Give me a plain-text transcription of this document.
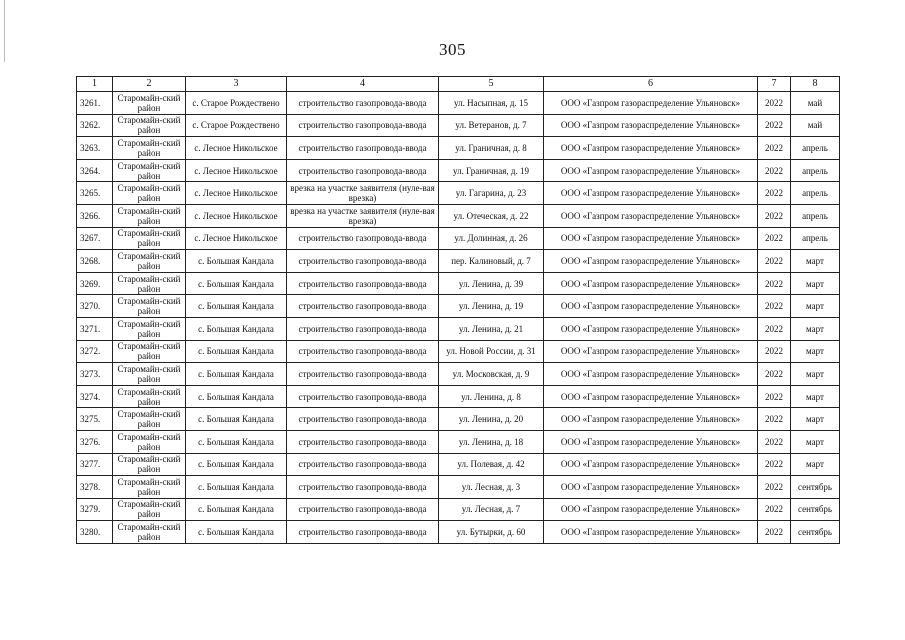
305
1	2	3	4	5	6	7	8

3261.	Старомайн-ский район	с. Старое Рождествено	строительство газопровода-ввода	ул. Насыпная, д. 15	ООО «Газпром газораспределение Ульяновск»	2022	май

3262.	Старомайн-ский район	с. Старое Рождествено	строительство газопровода-ввода	ул. Ветеранов, д. 7	ООО «Газпром газораспределение Ульяновск»	2022	май

3263.	Старомайн-ский район	с. Лесное Никольское	строительство газопровода-ввода	ул. Граничная, д. 8	ООО «Газпром газораспределение Ульяновск»	2022	апрель

3264.	Старомайн-ский район	с. Лесное Никольское	строительство газопровода-ввода	ул. Граничная, д. 19	ООО «Газпром газораспределение Ульяновск»	2022	апрель

3265.	Старомайн-ский район	с. Лесное Никольское	врезка на участке заявителя (нуле-вая врезка)	ул. Гагарина, д. 23	ООО «Газпром газораспределение Ульяновск»	2022	апрель

3266.	Старомайн-ский район	с. Лесное Никольское	врезка на участке заявителя (нуле-вая врезка)	ул. Отеческая, д. 22	ООО «Газпром газораспределение Ульяновск»	2022	апрель

3267.	Старомайн-ский район	с. Лесное Никольское	строительство газопровода-ввода	ул. Долинная, д. 26	ООО «Газпром газораспределение Ульяновск»	2022	апрель

3268.	Старомайн-ский район	с. Большая Кандала	строительство газопровода-ввода	пер. Калиновый, д. 7	ООО «Газпром газораспределение Ульяновск»	2022	март

3269.	Старомайн-ский район	с. Большая Кандала	строительство газопровода-ввода	ул. Ленина, д. 39	ООО «Газпром газораспределение Ульяновск»	2022	март

3270.	Старомайн-ский район	с. Большая Кандала	строительство газопровода-ввода	ул. Ленина, д. 19	ООО «Газпром газораспределение Ульяновск»	2022	март

3271.	Старомайн-ский район	с. Большая Кандала	строительство газопровода-ввода	ул. Ленина, д. 21	ООО «Газпром газораспределение Ульяновск»	2022	март

3272.	Старомайн-ский район	с. Большая Кандала	строительство газопровода-ввода	ул. Новой России, д. 31	ООО «Газпром газораспределение Ульяновск»	2022	март

3273.	Старомайн-ский район	с. Большая Кандала	строительство газопровода-ввода	ул. Московская, д. 9	ООО «Газпром газораспределение Ульяновск»	2022	март

3274.	Старомайн-ский район	с. Большая Кандала	строительство газопровода-ввода	ул. Ленина, д. 8	ООО «Газпром газораспределение Ульяновск»	2022	март

3275.	Старомайн-ский район	с. Большая Кандала	строительство газопровода-ввода	ул. Ленина, д. 20	ООО «Газпром газораспределение Ульяновск»	2022	март

3276.	Старомайн-ский район	с. Большая Кандала	строительство газопровода-ввода	ул. Ленина, д. 18	ООО «Газпром газораспределение Ульяновск»	2022	март

3277.	Старомайн-ский район	с. Большая Кандала	строительство газопровода-ввода	ул. Полевая, д. 42	ООО «Газпром газораспределение Ульяновск»	2022	март

3278.	Старомайн-ский район	с. Большая Кандала	строительство газопровода-ввода	ул. Лесная, д. 3	ООО «Газпром газораспределение Ульяновск»	2022	сентябрь

3279.	Старомайн-ский район	с. Большая Кандала	строительство газопровода-ввода	ул. Лесная, д. 7	ООО «Газпром газораспределение Ульяновск»	2022	сентябрь

3280.	Старомайн-ский район	с. Большая Кандала	строительство газопровода-ввода	ул. Бутырки, д. 60	ООО «Газпром газораспределение Ульяновск»	2022	сентябрь
